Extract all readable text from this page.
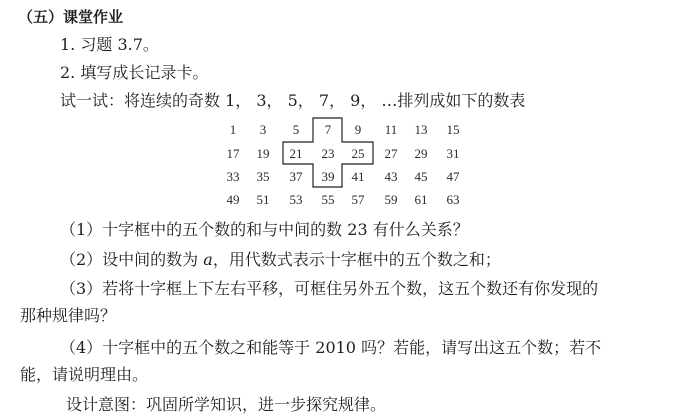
（五）课堂作业
1. 习题 3.7。
2. 填写成长记录卡。
试一试：将连续的奇数 1， 3， 5， 7， 9， …排列成如下的数表
1	3	5	7	9	11	13	15
17	19	21	23	25	27	29	31
33	35	37	39	41	43	45	47
49	51	53	55	57	59	61	63
（1）十字框中的五个数的和与中间的数 23 有什么关系？
（2）设中间的数为 a，用代数式表示十字框中的五个数之和；
（3）若将十字框上下左右平移，可框住另外五个数，这五个数还有你发现的
那种规律吗？
（4）十字框中的五个数之和能等于 2010 吗？若能，请写出这五个数；若不
能，请说明理由。
设计意图：巩固所学知识，进一步探究规律。
